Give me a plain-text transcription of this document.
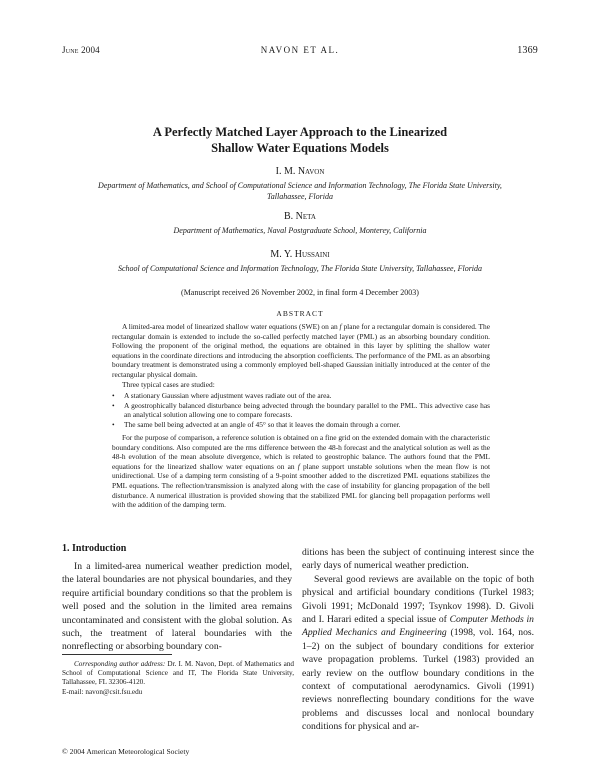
June 2004	NAVON ET AL.	1369
A Perfectly Matched Layer Approach to the Linearized
Shallow Water Equations Models
I. M. Navon
Department of Mathematics, and School of Computational Science and Information Technology, The Florida State University,
Tallahassee, Florida
B. Neta
Department of Mathematics, Naval Postgraduate School, Monterey, California
M. Y. Hussaini
School of Computational Science and Information Technology, The Florida State University, Tallahassee, Florida
(Manuscript received 26 November 2002, in final form 4 December 2003)
ABSTRACT

A limited-area model of linearized shallow water equations (SWE) on an f plane for a rectangular domain is considered. The rectangular domain is extended to include the so-called perfectly matched layer (PML) as an absorbing boundary condition. Following the proponent of the original method, the equations are obtained in this layer by splitting the shallow water equations in the coordinate directions and introducing the absorption coefficients. The performance of the PML as an absorbing boundary treatment is demonstrated using a commonly employed bell-shaped Gaussian initially introduced at the center of the rectangular physical domain.

Three typical cases are studied:

• A stationary Gaussian where adjustment waves radiate out of the area.
• A geostrophically balanced disturbance being advected through the boundary parallel to the PML. This advective case has an analytical solution allowing one to compare forecasts.
• The same bell being advected at an angle of 45° so that it leaves the domain through a corner.

For the purpose of comparison, a reference solution is obtained on a fine grid on the extended domain with the characteristic boundary conditions. Also computed are the rms difference between the 48-h forecast and the analytical solution as well as the 48-h evolution of the mean absolute divergence, which is related to geostrophic balance. The authors found that the PML equations for the linearized shallow water equations on an f plane support unstable solutions when the mean flow is not unidirectional. Use of a damping term consisting of a 9-point smoother added to the discretized PML equations stabilizes the PML equations. The reflection/transmission is analyzed along with the case of instability for glancing propagation of the bell disturbance. A numerical illustration is provided showing that the stabilized PML for glancing bell propagation performs well with the addition of the damping term.

1. Introduction

In a limited-area numerical weather prediction model, the lateral boundaries are not physical boundaries, and they require artificial boundary conditions so that the problem is well posed and the solution in the limited area remains uncontaminated and consistent with the global solution. As such, the treatment of lateral boundaries with the nonreflecting or absorbing boundary con-

ditions has been the subject of continuing interest since the early days of numerical weather prediction.

Several good reviews are available on the topic of both physical and artificial boundary conditions (Turkel 1983; Givoli 1991; McDonald 1997; Tsynkov 1998). D. Givoli and I. Harari edited a special issue of Computer Methods in Applied Mechanics and Engineering (1998, vol. 164, nos. 1–2) on the subject of boundary conditions for exterior wave propagation problems. Turkel (1983) provided an early review on the outflow boundary conditions in the context of computational aerodynamics. Givoli (1991) reviews nonreflecting boundary conditions for the wave problems and discusses local and nonlocal boundary conditions for physical and ar-

Corresponding author address: Dr. I. M. Navon, Dept. of Mathematics and School of Computational Science and IT, The Florida State University, Tallahassee, FL 32306-4120.
E-mail: navon@csit.fsu.edu
© 2004 American Meteorological Society
